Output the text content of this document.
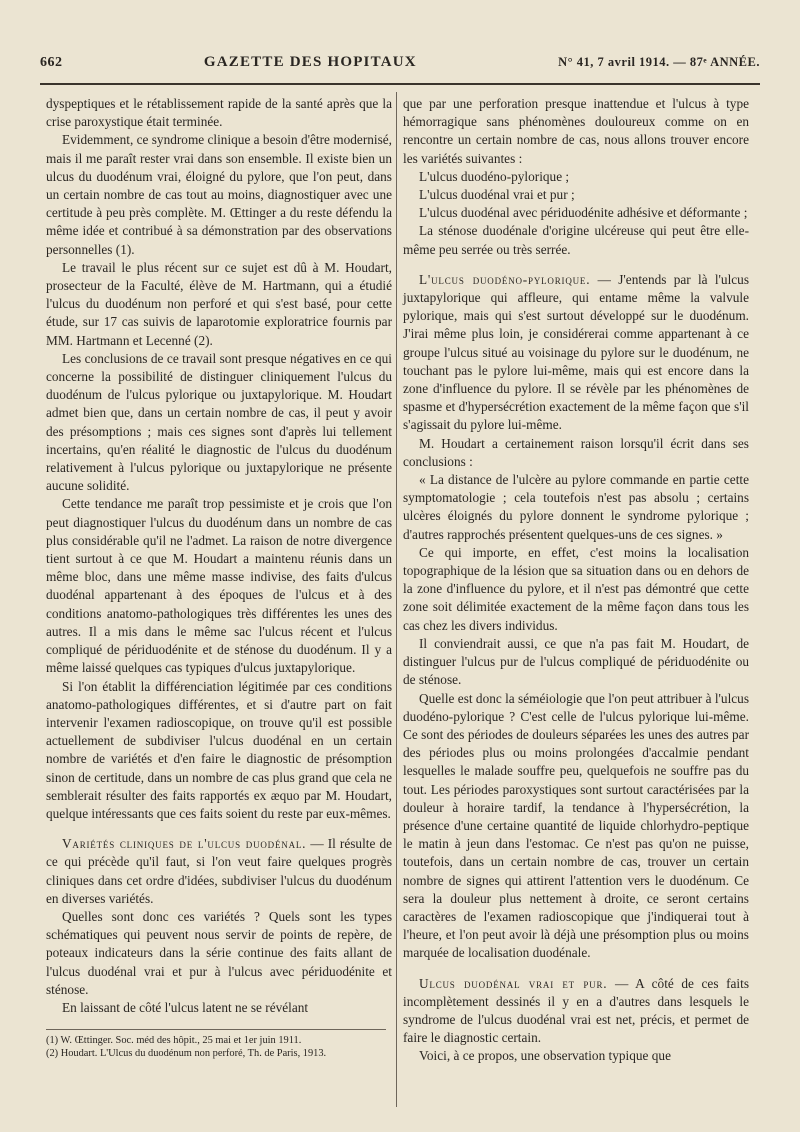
662	GAZETTE DES HOPITAUX	N° 41, 7 avril 1914. — 87ᵉ ANNÉE.

dyspeptiques et le rétablissement rapide de la santé après que la crise paroxystique était terminée.

Evidemment, ce syndrome clinique a besoin d'être modernisé, mais il me paraît rester vrai dans son ensemble. Il existe bien un ulcus du duodénum vrai, éloigné du pylore, que l'on peut, dans un certain nombre de cas tout au moins, diagnostiquer avec une certitude à peu près complète. M. Œttinger a du reste défendu la même idée et contribué à sa démonstration par des observations personnelles (1).

Le travail le plus récent sur ce sujet est dû à M. Houdart, prosecteur de la Faculté, élève de M. Hartmann, qui a étudié l'ulcus du duodénum non perforé et qui s'est basé, pour cette étude, sur 17 cas suivis de laparotomie exploratrice fournis par MM. Hartmann et Lecenné (2).

Les conclusions de ce travail sont presque négatives en ce qui concerne la possibilité de distinguer cliniquement l'ulcus du duodénum de l'ulcus pylorique ou juxtapylorique. M. Houdart admet bien que, dans un certain nombre de cas, il peut y avoir des présomptions ; mais ces signes sont d'après lui tellement incertains, qu'en réalité le diagnostic de l'ulcus du duodénum relativement à l'ulcus pylorique ou juxtapylorique ne présente aucune solidité.

Cette tendance me paraît trop pessimiste et je crois que l'on peut diagnostiquer l'ulcus du duodénum dans un nombre de cas plus considérable qu'il ne l'admet. La raison de notre divergence tient surtout à ce que M. Houdart a maintenu réunis dans un même bloc, dans une même masse indivise, des faits d'ulcus duodénal appartenant à des époques de l'ulcus et à des conditions anatomo-pathologiques très différentes les unes des autres. Il a mis dans le même sac l'ulcus récent et l'ulcus compliqué de périduodénite et de sténose du duodénum. Il y a même laissé quelques cas typiques d'ulcus juxtapylorique.

Si l'on établit la différenciation légitimée par ces conditions anatomo-pathologiques différentes, et si d'autre part on fait intervenir l'examen radioscopique, on trouve qu'il est possible actuellement de subdiviser l'ulcus duodénal en un certain nombre de variétés et d'en faire le diagnostic de présomption sinon de certitude, dans un nombre de cas plus grand que cela ne semblerait résulter des faits rapportés ex æquo par M. Houdart, quelque intéressants que ces faits soient du reste par eux-mêmes.

Variétés cliniques de l'ulcus duodénal. — Il résulte de ce qui précède qu'il faut, si l'on veut faire quelques progrès cliniques dans cet ordre d'idées, subdiviser l'ulcus du duodénum en diverses variétés.

Quelles sont donc ces variétés ? Quels sont les types schématiques qui peuvent nous servir de points de repère, de poteaux indicateurs dans la série continue des faits allant de l'ulcus duodénal vrai et pur à l'ulcus avec périduodénite et sténose.

En laissant de côté l'ulcus latent ne se révélant

(1) W. Œttinger. Soc. méd des hôpit., 25 mai et 1er juin 1911.

(2) Houdart. L'Ulcus du duodénum non perforé, Th. de Paris, 1913.

que par une perforation presque inattendue et l'ulcus à type hémorragique sans phénomènes douloureux comme on en rencontre un certain nombre de cas, nous allons trouver encore les variétés suivantes :

L'ulcus duodéno-pylorique ;

L'ulcus duodénal vrai et pur ;

L'ulcus duodénal avec périduodénite adhésive et déformante ;

La sténose duodénale d'origine ulcéreuse qui peut être elle-même peu serrée ou très serrée.

L'ulcus duodéno-pylorique. — J'entends par là l'ulcus juxtapylorique qui affleure, qui entame même la valvule pylorique, mais qui s'est surtout développé sur le duodénum. J'irai même plus loin, je considérerai comme appartenant à ce groupe l'ulcus situé au voisinage du pylore sur le duodénum, ne touchant pas le pylore lui-même, mais qui est encore dans la zone d'influence du pylore. Il se révèle par les phénomènes de spasme et d'hypersécrétion exactement de la même façon que s'il s'agissait du pylore lui-même.

M. Houdart a certainement raison lorsqu'il écrit dans ses conclusions :

« La distance de l'ulcère au pylore commande en partie cette symptomatologie ; cela toutefois n'est pas absolu ; certains ulcères éloignés du pylore donnent le syndrome pylorique ; d'autres rapprochés présentent quelques-uns de ces signes. »

Ce qui importe, en effet, c'est moins la localisation topographique de la lésion que sa situation dans ou en dehors de la zone d'influence du pylore, et il n'est pas démontré que cette zone soit délimitée exactement de la même façon dans tous les cas chez les divers individus.

Il conviendrait aussi, ce que n'a pas fait M. Houdart, de distinguer l'ulcus pur de l'ulcus compliqué de périduodénite ou de sténose.

Quelle est donc la séméiologie que l'on peut attribuer à l'ulcus duodéno-pylorique ? C'est celle de l'ulcus pylorique lui-même. Ce sont des périodes de douleurs séparées les unes des autres par des périodes plus ou moins prolongées d'accalmie pendant lesquelles le malade souffre peu, quelquefois ne souffre pas du tout. Les périodes paroxystiques sont surtout caractérisées par la douleur à horaire tardif, la tendance à l'hypersécrétion, la présence d'une certaine quantité de liquide chlorhydro-peptique le matin à jeun dans l'estomac. Ce n'est pas qu'on ne puisse, toutefois, dans un certain nombre de cas, trouver un certain nombre de signes qui attirent l'attention vers le duodénum. Ce sera la douleur plus nettement à droite, ce seront certains caractères de l'examen radioscopique que j'indiquerai tout à l'heure, et l'on peut avoir là déjà une présomption plus ou moins marquée de localisation duodénale.

Ulcus duodénal vrai et pur. — A côté de ces faits incomplètement dessinés il y en a d'autres dans lesquels le syndrome de l'ulcus duodénal vrai est net, précis, et permet de faire le diagnostic certain.

Voici, à ce propos, une observation typique que
